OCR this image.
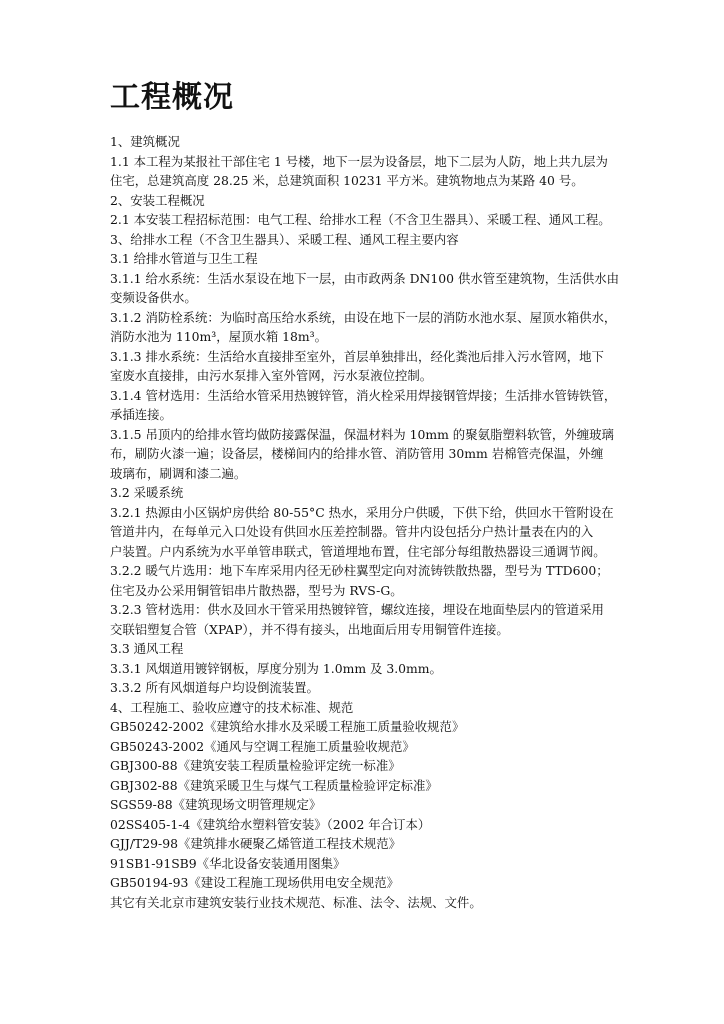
工程概况

1、建筑概况

1.1 本工程为某报社干部住宅 1 号楼，地下一层为设备层，地下二层为人防，地上共九层为

住宅，总建筑高度 28.25 米，总建筑面积 10231 平方米。建筑物地点为某路 40 号。

2、安装工程概况

2.1 本安装工程招标范围：电气工程、给排水工程（不含卫生器具）、采暖工程、通风工程。

3、给排水工程（不含卫生器具）、采暖工程、通风工程主要内容

3.1 给排水管道与卫生工程

3.1.1 给水系统：生活水泵设在地下一层，由市政两条 DN100 供水管至建筑物，生活供水由

变频设备供水。

3.1.2 消防栓系统：为临时高压给水系统，由设在地下一层的消防水池水泵、屋顶水箱供水，

消防水池为 110m³，屋顶水箱 18m³。

3.1.3 排水系统：生活给水直接排至室外，首层单独排出，经化粪池后排入污水管网，地下

室废水直接排，由污水泵排入室外管网，污水泵液位控制。

3.1.4 管材选用：生活给水管采用热镀锌管，消火栓采用焊接钢管焊接；生活排水管铸铁管，

承插连接。

3.1.5 吊顶内的给排水管均做防接露保温，保温材料为 10mm 的聚氨脂塑料软管，外缠玻璃

布，刷防火漆一遍；设备层，楼梯间内的给排水管、消防管用 30mm 岩棉管壳保温，外缠

玻璃布，刷调和漆二遍。

3.2 采暖系统

3.2.1 热源由小区锅炉房供给 80-55°C 热水，采用分户供暖，下供下给，供回水干管附设在

管道井内，在每单元入口处设有供回水压差控制器。管井内设包括分户热计量表在内的入

户装置。户内系统为水平单管串联式，管道埋地布置，住宅部分每组散热器设三通调节阀。

3.2.2 暖气片选用：地下车库采用内径无砂柱翼型定向对流铸铁散热器，型号为 TTD600；

住宅及办公采用铜管铝串片散热器，型号为 RVS-G。

3.2.3 管材选用：供水及回水干管采用热镀锌管，螺纹连接，埋设在地面垫层内的管道采用

交联铝塑复合管（XPAP），并不得有接头，出地面后用专用铜管件连接。

3.3 通风工程

3.3.1 风烟道用镀锌钢板，厚度分别为 1.0mm 及 3.0mm。

3.3.2 所有风烟道每户均设倒流装置。

4、工程施工、验收应遵守的技术标准、规范

GB50242-2002《建筑给水排水及采暖工程施工质量验收规范》

GB50243-2002《通风与空调工程施工质量验收规范》

GBJ300-88《建筑安装工程质量检验评定统一标准》

GBJ302-88《建筑采暖卫生与煤气工程质量检验评定标准》

SGS59-88《建筑现场文明管理规定》

02SS405-1-4《建筑给水塑料管安装》（2002 年合订本）

GJJ/T29-98《建筑排水硬聚乙烯管道工程技术规范》

91SB1-91SB9《华北设备安装通用图集》

GB50194-93《建设工程施工现场供用电安全规范》

其它有关北京市建筑安装行业技术规范、标准、法令、法规、文件。
